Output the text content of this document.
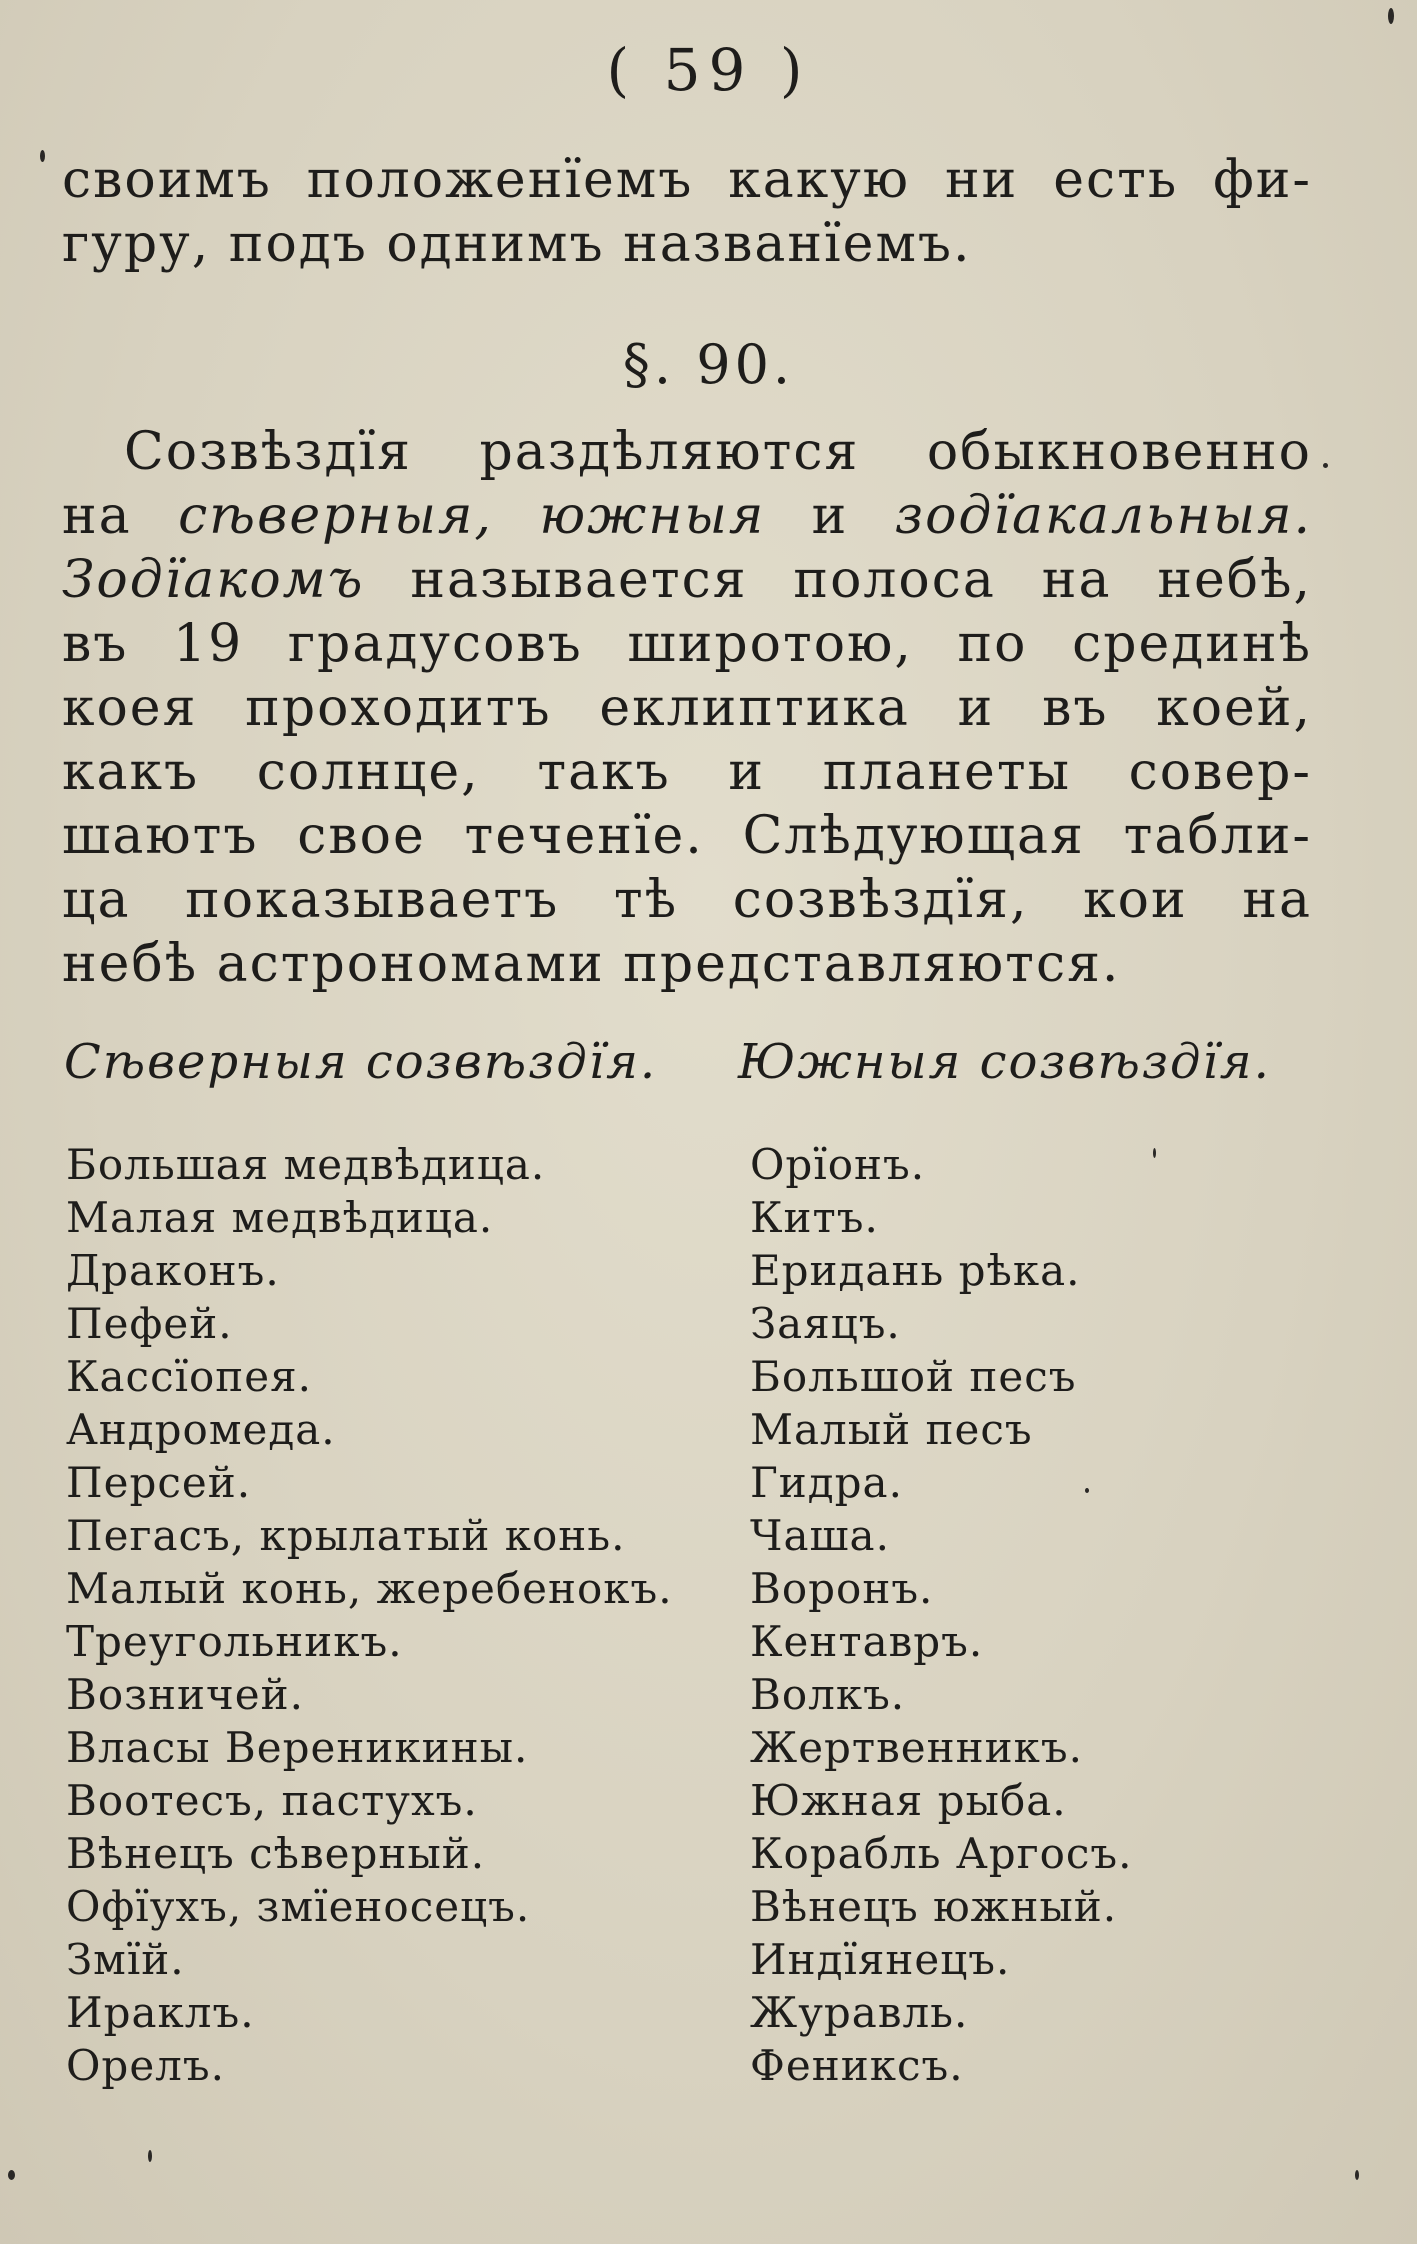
( 59 )

своимъ положенїемъ какую ни есть фи-
гуру, подъ однимъ названїемъ.

§. 90.

Созвѣздїя раздѣляются обыкновенно
на сѣверныя, южныя и зодїакальныя.
Зодїакомъ называется полоса на небѣ,
въ 19 градусовъ широтою, по срединѣ
коея проходитъ еклиптика и въ коей,
какъ солнце, такъ и планеты совер-
шаютъ свое теченїе. Слѣдующая табли-
ца показываетъ тѣ созвѣздїя, кои на
небѣ астрономами представляются.

Сѣверныя созвѣздїя. Южныя созвѣздїя.
Большая медвѣдица.
Малая медвѣдица.
Драконъ.
Пефей.
Кассїопея.
Андромеда.
Персей.
Пегасъ, крылатый конь.
Малый конь, жеребенокъ.
Треугольникъ.
Возничей.
Власы Вереникины.
Воотесъ, пастухъ.
Вѣнецъ сѣверный.
Офїухъ, змїеносецъ.
Змїй.
Ираклъ.
Орелъ.
Орїонъ.
Китъ.
Еридань рѣка.
Заяцъ.
Большой песъ
Малый песъ
Гидра.
Чаша.
Воронъ.
Кентавръ.
Волкъ.
Жертвенникъ.
Южная рыба.
Корабль Аргосъ.
Вѣнецъ южный.
Индїянецъ.
Журавль.
Фениксъ.
